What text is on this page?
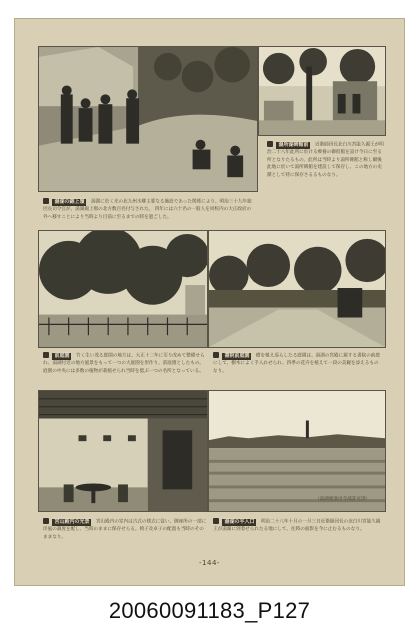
湯湖の錦上嶺 湯湖に於く光の北九州水郷主要なる施設であった関係により、明治三十九年旅団長司令官が、湯湖錦上嶺の北方数百名付与された。 四年には六十名の一般人を同校内の大正政府の外へ移すことにより当時より目前に至るまでの時を過ごした。
湯所湖碑館前 近衛師団長北白川宮能久親王が明治二十八年此所に於ける療養の御仮館を設け今日に至る所となりたるもの。此所は当時より湯所碑館と称し爾後此地に於いて湯所碑館を建設して保存し、この地方の史蹟として特に保存さるるものなり。
前庭園 竹く生い茂る庭園の地方は、大正十二年に至り改めて整備せられ、湯湖付近の地方風景をもって一つの大庭園を形作り、前庭園としたもの。庭園の中央には多数の植物が栽植せられ当時を偲ぶ一つの名所となっている。
書院前庭園 樹を植え巡らしたる庭園は、湯湖の宮殿に属する書院の前庭にして、樹木によく手入れせられ、四季の花卉を植えて一段の美観を添えるものなり。
（湯湖要塞司令部許可済）
宮山殿内の光景 宮山殿内の室内は古式の様式に従い、御座所の一部に洋風の調度を配し、当時のままに保存せらる。椅子及卓子の配置も当時のそのままなり。
湯湖の平入口 明治二十八年十月の一月三日近衛師団長の北白川宮能久親王が湯湖に到着せられたる地にして、往時の面影を今に止むるものなり。
-144-
20060091183_P127
